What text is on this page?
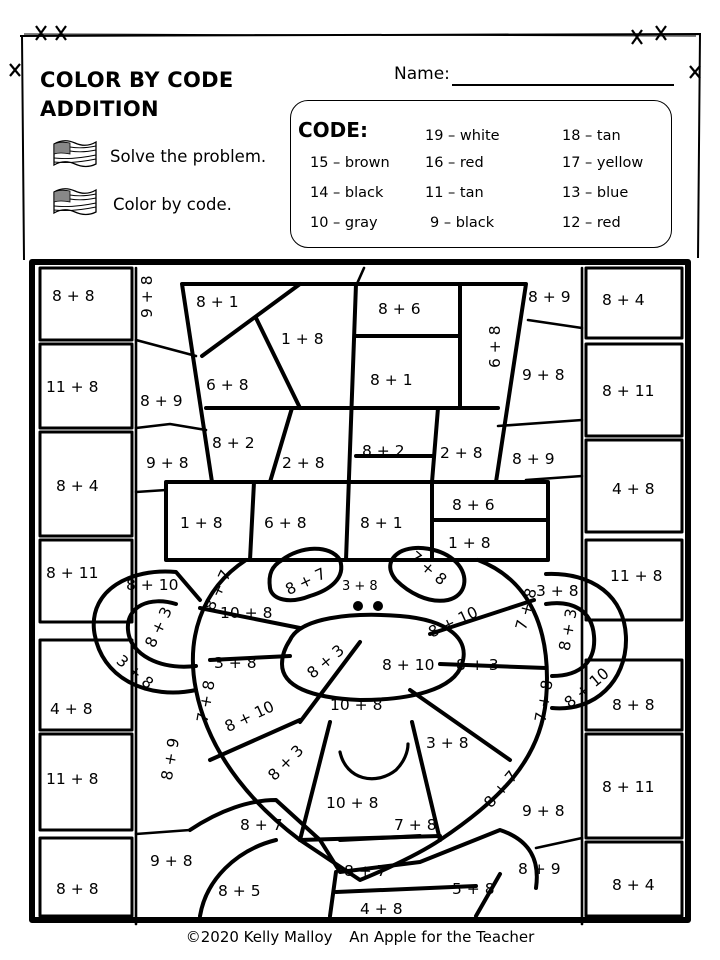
COLOR BY CODE
ADDITION
Solve the problem.
Color by code.
Name:
CODE:	19 – white	18 – tan
15 – brown 16 – red	17 – yellow
14 – black	11 – tan	13 – blue
10 – gray	9 – black	12 – red
8 + 8	9 + 8	8 + 1
1 + 8
8 + 6
6 + 8
8 + 9 8 + 4
11 + 8
8 + 9
6 + 8	8 + 1	9 + 8
8 + 11
9 + 8
8 + 2
2 + 8
8 + 2 2 + 8 8 + 9
8 + 4	4 + 8
1 + 8	6 + 8	8 + 1
8 + 6
1 + 8
8 + 11	11 + 8
8 + 10 8 + 7	8 + 7 3 + 8 7 + 8
3 + 8
10 + 8	8 + 10 7 + 8
8 + 3	8 + 3
3 + 8	3 + 8	8 + 3 8 + 10 8 + 3
4 + 8	7 + 8	8 + 10
10 + 8	7 + 8
8 + 10	8 + 8
11 + 8	8 + 9	8 + 3	3 + 8
8 + 7	8 + 11
10 + 8
8 + 7	7 + 8
9 + 8
9 + 8
8 + 7	8 + 9
8 + 8	8 + 5	5 + 8
4 + 8
8 + 4
©2020 Kelly Malloy An Apple for the Teacher
